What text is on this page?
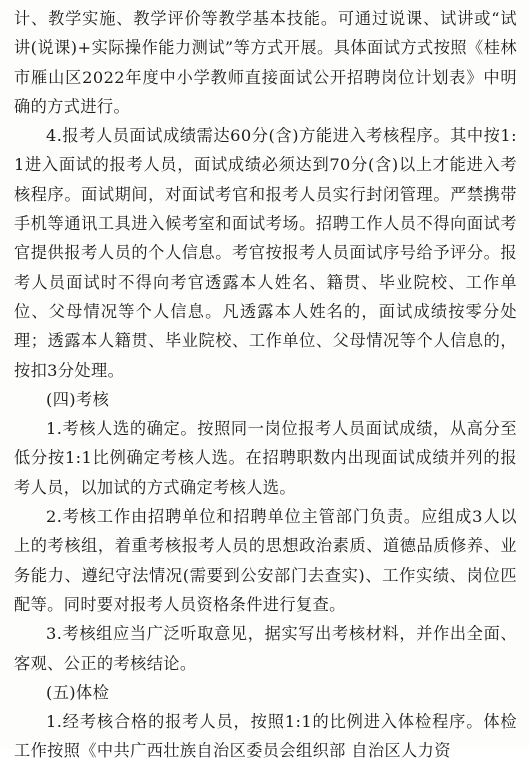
计、教学实施、教学评价等教学基本技能。可通过说课、试讲或“试讲(说课)+实际操作能力测试”等方式开展。具体面试方式按照《桂林市雁山区2022年度中小学教师直接面试公开招聘岗位计划表》中明确的方式进行。

4.报考人员面试成绩需达60分(含)方能进入考核程序。其中按1:1进入面试的报考人员，面试成绩必须达到70分(含)以上才能进入考核程序。面试期间，对面试考官和报考人员实行封闭管理。严禁携带手机等通讯工具进入候考室和面试考场。招聘工作人员不得向面试考官提供报考人员的个人信息。考官按报考人员面试序号给予评分。报考人员面试时不得向考官透露本人姓名、籍贯、毕业院校、工作单位、父母情况等个人信息。凡透露本人姓名的，面试成绩按零分处理；透露本人籍贯、毕业院校、工作单位、父母情况等个人信息的，按扣3分处理。

(四)考核

1.考核人选的确定。按照同一岗位报考人员面试成绩，从高分至低分按1:1比例确定考核人选。在招聘职数内出现面试成绩并列的报考人员，以加试的方式确定考核人选。

2.考核工作由招聘单位和招聘单位主管部门负责。应组成3人以上的考核组，着重考核报考人员的思想政治素质、道德品质修养、业务能力、遵纪守法情况(需要到公安部门去查实)、工作实绩、岗位匹配等。同时要对报考人员资格条件进行复查。

3.考核组应当广泛听取意见，据实写出考核材料，并作出全面、客观、公正的考核结论。

(五)体检

1.经考核合格的报考人员，按照1:1的比例进入体检程序。体检工作按照《中共广西壮族自治区委员会组织部 自治区人力资
